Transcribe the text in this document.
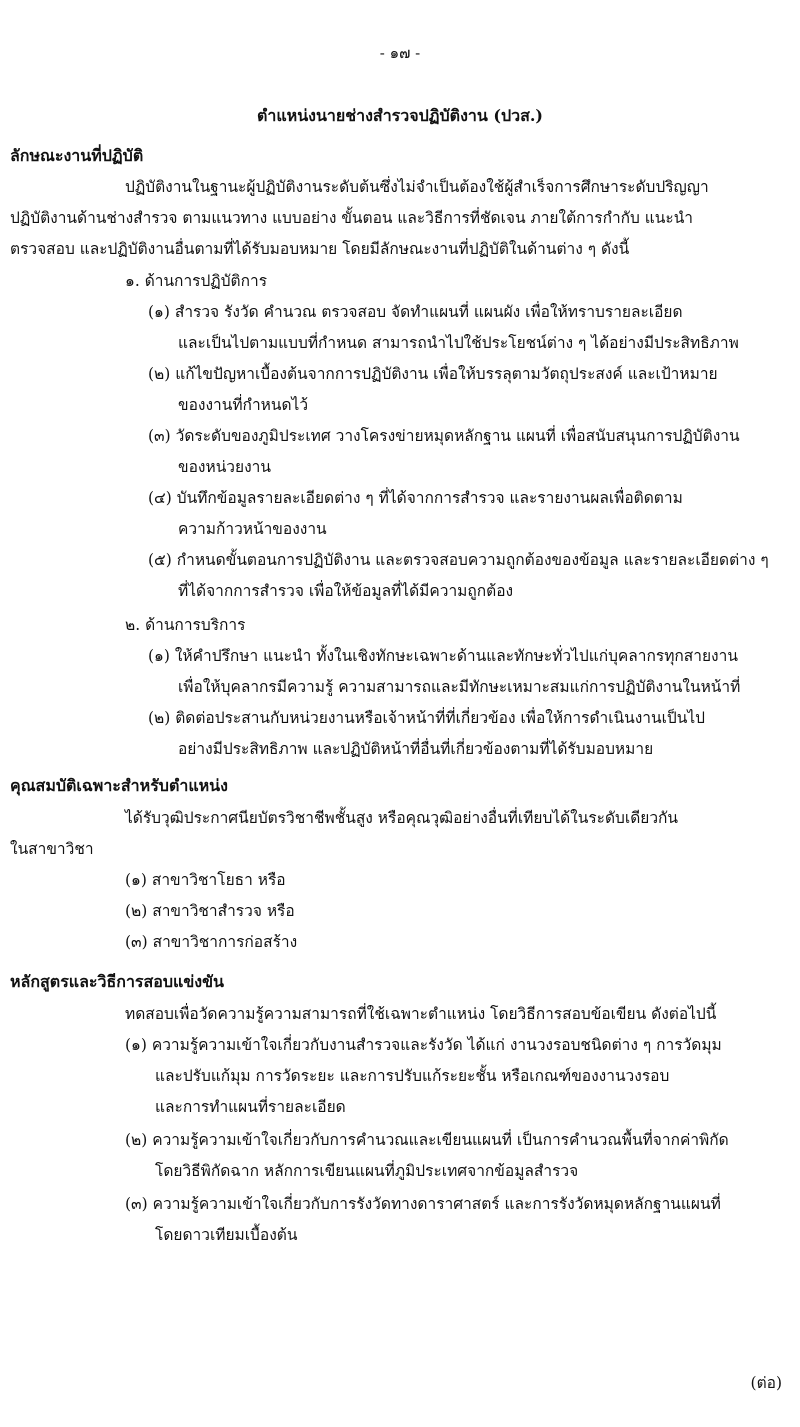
- ๑๗ -
ตำแหน่งนายช่างสำรวจปฏิบัติงาน (ปวส.)
ลักษณะงานที่ปฏิบัติ
ปฏิบัติงานในฐานะผู้ปฏิบัติงานระดับต้นซึ่งไม่จำเป็นต้องใช้ผู้สำเร็จการศึกษาระดับปริญญา
ปฏิบัติงานด้านช่างสำรวจ ตามแนวทาง แบบอย่าง ขั้นตอน และวิธีการที่ชัดเจน ภายใต้การกำกับ แนะนำ
ตรวจสอบ และปฏิบัติงานอื่นตามที่ได้รับมอบหมาย โดยมีลักษณะงานที่ปฏิบัติในด้านต่าง ๆ ดังนี้
๑. ด้านการปฏิบัติการ
(๑) สำรวจ รังวัด คำนวณ ตรวจสอบ จัดทำแผนที่ แผนผัง เพื่อให้ทราบรายละเอียด
และเป็นไปตามแบบที่กำหนด สามารถนำไปใช้ประโยชน์ต่าง ๆ ได้อย่างมีประสิทธิภาพ
(๒) แก้ไขปัญหาเบื้องต้นจากการปฏิบัติงาน เพื่อให้บรรลุตามวัตถุประสงค์ และเป้าหมาย
ของงานที่กำหนดไว้
(๓) วัดระดับของภูมิประเทศ วางโครงข่ายหมุดหลักฐาน แผนที่ เพื่อสนับสนุนการปฏิบัติงาน
ของหน่วยงาน
(๔) บันทึกข้อมูลรายละเอียดต่าง ๆ ที่ได้จากการสำรวจ และรายงานผลเพื่อติดตาม
ความก้าวหน้าของงาน
(๕) กำหนดขั้นตอนการปฏิบัติงาน และตรวจสอบความถูกต้องของข้อมูล และรายละเอียดต่าง ๆ
ที่ได้จากการสำรวจ เพื่อให้ข้อมูลที่ได้มีความถูกต้อง
๒. ด้านการบริการ
(๑) ให้คำปรึกษา แนะนำ ทั้งในเชิงทักษะเฉพาะด้านและทักษะทั่วไปแก่บุคลากรทุกสายงาน
เพื่อให้บุคลากรมีความรู้ ความสามารถและมีทักษะเหมาะสมแก่การปฏิบัติงานในหน้าที่
(๒) ติดต่อประสานกับหน่วยงานหรือเจ้าหน้าที่ที่เกี่ยวข้อง เพื่อให้การดำเนินงานเป็นไป
อย่างมีประสิทธิภาพ และปฏิบัติหน้าที่อื่นที่เกี่ยวข้องตามที่ได้รับมอบหมาย
คุณสมบัติเฉพาะสำหรับตำแหน่ง
ได้รับวุฒิประกาศนียบัตรวิชาชีพชั้นสูง หรือคุณวุฒิอย่างอื่นที่เทียบได้ในระดับเดียวกัน
ในสาขาวิชา
(๑) สาขาวิชาโยธา หรือ
(๒) สาขาวิชาสำรวจ หรือ
(๓) สาขาวิชาการก่อสร้าง
หลักสูตรและวิธีการสอบแข่งขัน
ทดสอบเพื่อวัดความรู้ความสามารถที่ใช้เฉพาะตำแหน่ง โดยวิธีการสอบข้อเขียน ดังต่อไปนี้
(๑) ความรู้ความเข้าใจเกี่ยวกับงานสำรวจและรังวัด ได้แก่ งานวงรอบชนิดต่าง ๆ การวัดมุม
และปรับแก้มุม การวัดระยะ และการปรับแก้ระยะชั้น หรือเกณฑ์ของงานวงรอบ
และการทำแผนที่รายละเอียด
(๒) ความรู้ความเข้าใจเกี่ยวกับการคำนวณและเขียนแผนที่ เป็นการคำนวณพื้นที่จากค่าพิกัด
โดยวิธีพิกัดฉาก หลักการเขียนแผนที่ภูมิประเทศจากข้อมูลสำรวจ
(๓) ความรู้ความเข้าใจเกี่ยวกับการรังวัดทางดาราศาสตร์ และการรังวัดหมุดหลักฐานแผนที่
โดยดาวเทียมเบื้องต้น
(ต่อ)
